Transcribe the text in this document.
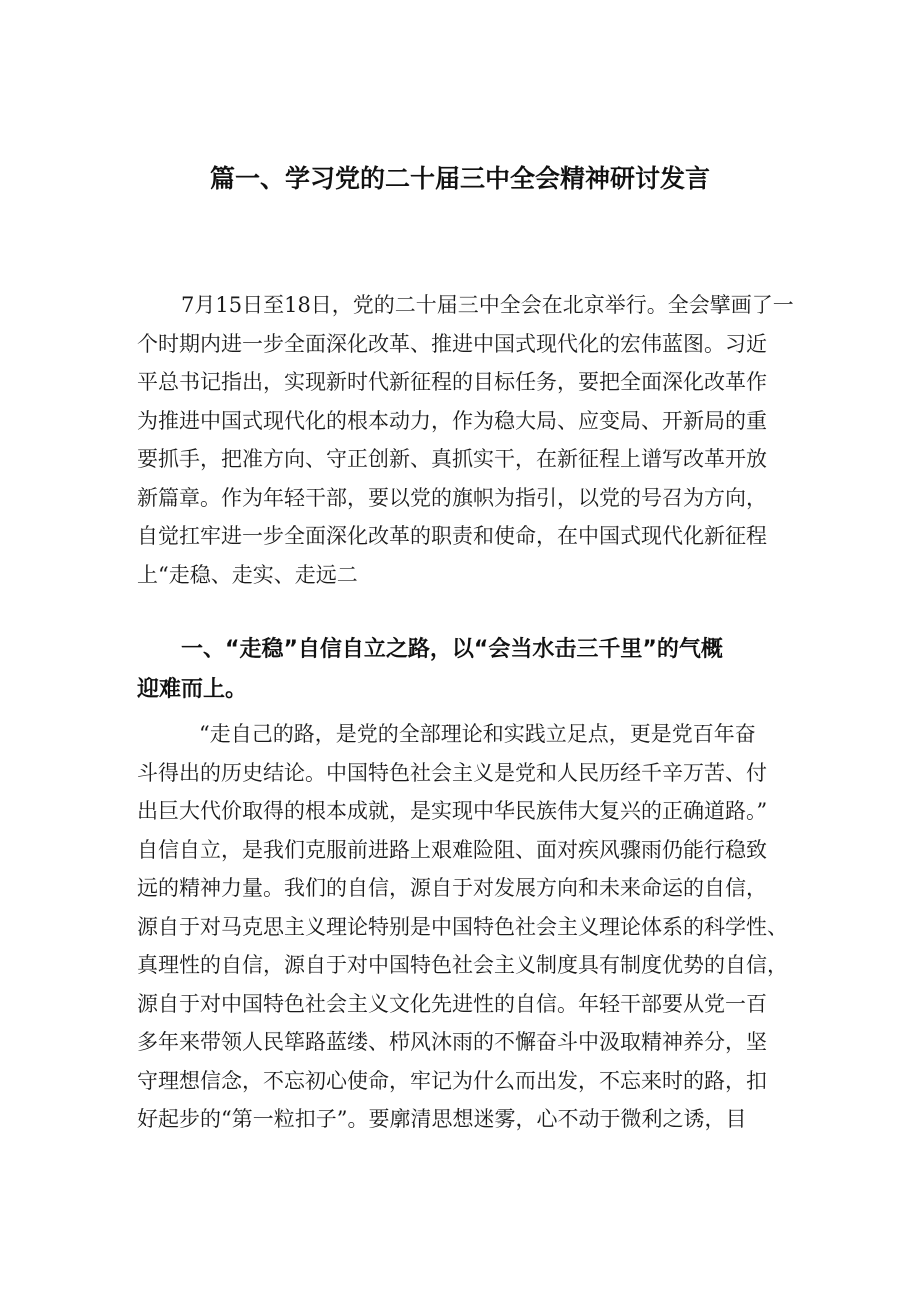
篇一、学习党的二十届三中全会精神研讨发言
7月15日至18日，党的二十届三中全会在北京举行。全会擘画了一
个时期内进一步全面深化改革、推进中国式现代化的宏伟蓝图。习近
平总书记指出，实现新时代新征程的目标任务，要把全面深化改革作
为推进中国式现代化的根本动力，作为稳大局、应变局、开新局的重
要抓手，把准方向、守正创新、真抓实干，在新征程上谱写改革开放
新篇章。作为年轻干部，要以党的旗帜为指引，以党的号召为方向，
自觉扛牢进一步全面深化改革的职责和使命，在中国式现代化新征程
上“走稳、走实、走远二
一、“走稳”自信自立之路，以“会当水击三千里”的气概
迎难而上。
“走自己的路，是党的全部理论和实践立足点，更是党百年奋
斗得出的历史结论。中国特色社会主义是党和人民历经千辛万苦、付
出巨大代价取得的根本成就，是实现中华民族伟大复兴的正确道路。”
自信自立，是我们克服前进路上艰难险阻、面对疾风骤雨仍能行稳致
远的精神力量。我们的自信，源自于对发展方向和未来命运的自信，
源自于对马克思主义理论特别是中国特色社会主义理论体系的科学性、
真理性的自信，源自于对中国特色社会主义制度具有制度优势的自信，
源自于对中国特色社会主义文化先进性的自信。年轻干部要从党一百
多年来带领人民筚路蓝缕、栉风沐雨的不懈奋斗中汲取精神养分，坚
守理想信念，不忘初心使命，牢记为什么而出发，不忘来时的路，扣
好起步的“第一粒扣子”。要廓清思想迷雾，心不动于微利之诱，目
